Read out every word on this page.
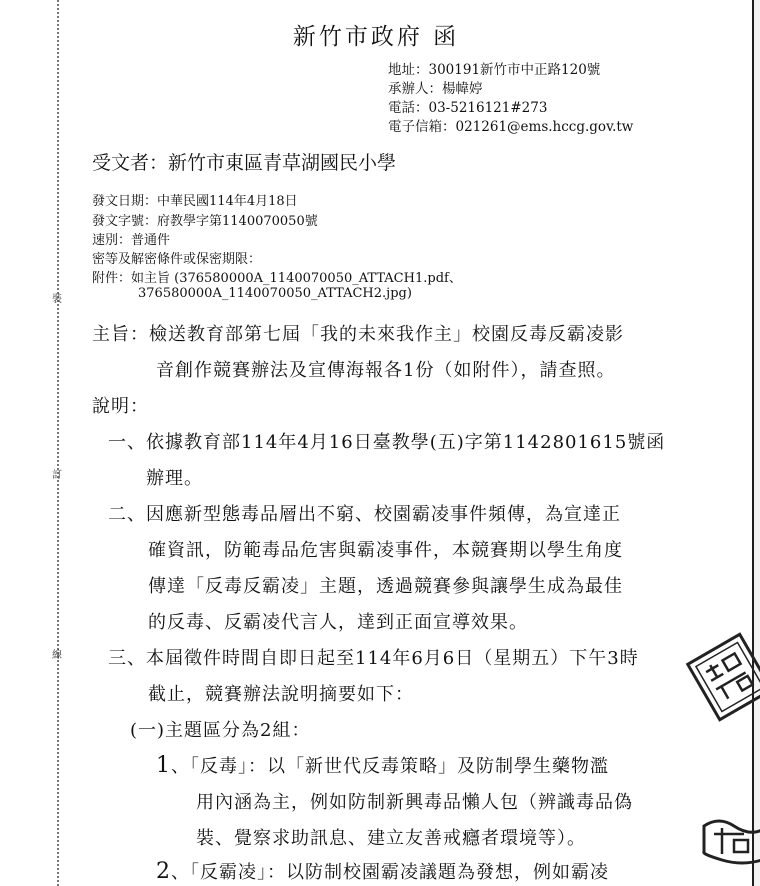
裝
訂
線
新竹市政府 函
地址：300191新竹市中正路120號
承辦人：楊幃婷
電話：03-5216121#273
電子信箱：021261@ems.hccg.gov.tw
受文者：新竹市東區青草湖國民小學
發文日期：中華民國114年4月18日
發文字號：府教學字第1140070050號
速別：普通件
密等及解密條件或保密期限：
附件：如主旨 (376580000A_1140070050_ATTACH1.pdf、
376580000A_1140070050_ATTACH2.jpg)
主旨：檢送教育部第七屆「我的未來我作主」校園反毒反霸凌影
音創作競賽辦法及宣傳海報各1份（如附件），請查照。
說明：
一、依據教育部114年4月16日臺教學(五)字第1142801615號函
辦理。
二、因應新型態毒品層出不窮、校園霸凌事件頻傳，為宣達正
確資訊，防範毒品危害與霸凌事件，本競賽期以學生角度
傳達「反毒反霸凌」主題，透過競賽參與讓學生成為最佳
的反毒、反霸凌代言人，達到正面宣導效果。
三、本屆徵件時間自即日起至114年6月6日（星期五）下午3時
截止，競賽辦法說明摘要如下：
(一)主題區分為2組：
1、「反毒」：以「新世代反毒策略」及防制學生藥物濫
用內涵為主，例如防制新興毒品懶人包（辨識毒品偽
裝、覺察求助訊息、建立友善戒癮者環境等）。
2、「反霸凌」：以防制校園霸凌議題為發想，例如霸凌
